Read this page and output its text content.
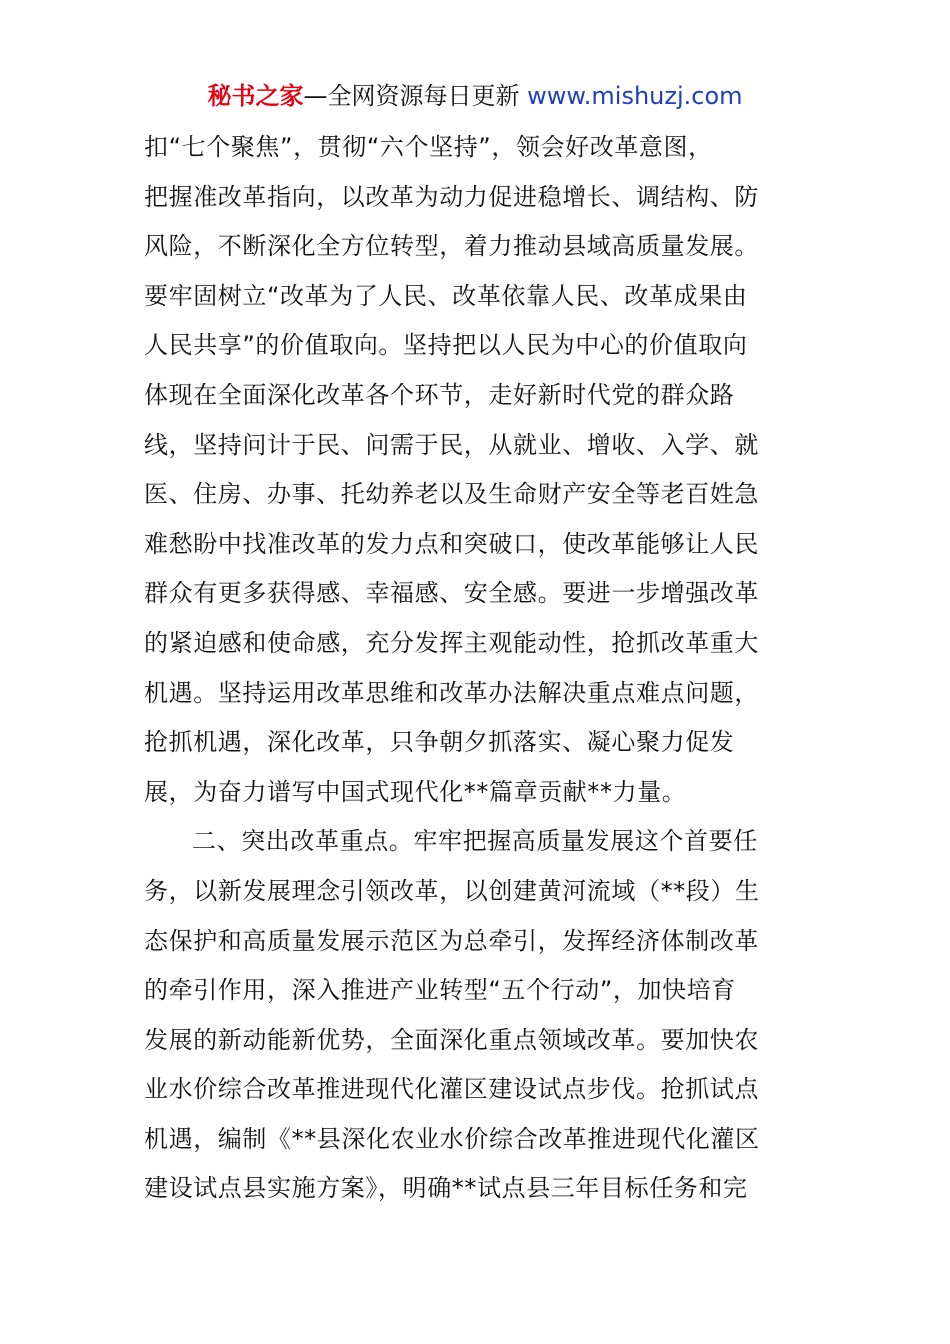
秘书之家—全网资源每日更新 www.mishuzj.com
扣“七个聚焦”，贯彻“六个坚持”，领会好改革意图，
把握准改革指向，以改革为动力促进稳增长、调结构、防
风险，不断深化全方位转型，着力推动县域高质量发展。
要牢固树立“改革为了人民、改革依靠人民、改革成果由
人民共享”的价值取向。坚持把以人民为中心的价值取向
体现在全面深化改革各个环节，走好新时代党的群众路
线，坚持问计于民、问需于民，从就业、增收、入学、就
医、住房、办事、托幼养老以及生命财产安全等老百姓急
难愁盼中找准改革的发力点和突破口，使改革能够让人民
群众有更多获得感、幸福感、安全感。要进一步增强改革
的紧迫感和使命感，充分发挥主观能动性，抢抓改革重大
机遇。坚持运用改革思维和改革办法解决重点难点问题，
抢抓机遇，深化改革，只争朝夕抓落实、凝心聚力促发
展，为奋力谱写中国式现代化**篇章贡献**力量。
二、突出改革重点。牢牢把握高质量发展这个首要任
务，以新发展理念引领改革，以创建黄河流域（**段）生
态保护和高质量发展示范区为总牵引，发挥经济体制改革
的牵引作用，深入推进产业转型“五个行动”，加快培育
发展的新动能新优势，全面深化重点领域改革。要加快农
业水价综合改革推进现代化灌区建设试点步伐。抢抓试点
机遇，编制《**县深化农业水价综合改革推进现代化灌区
建设试点县实施方案》，明确**试点县三年目标任务和完
